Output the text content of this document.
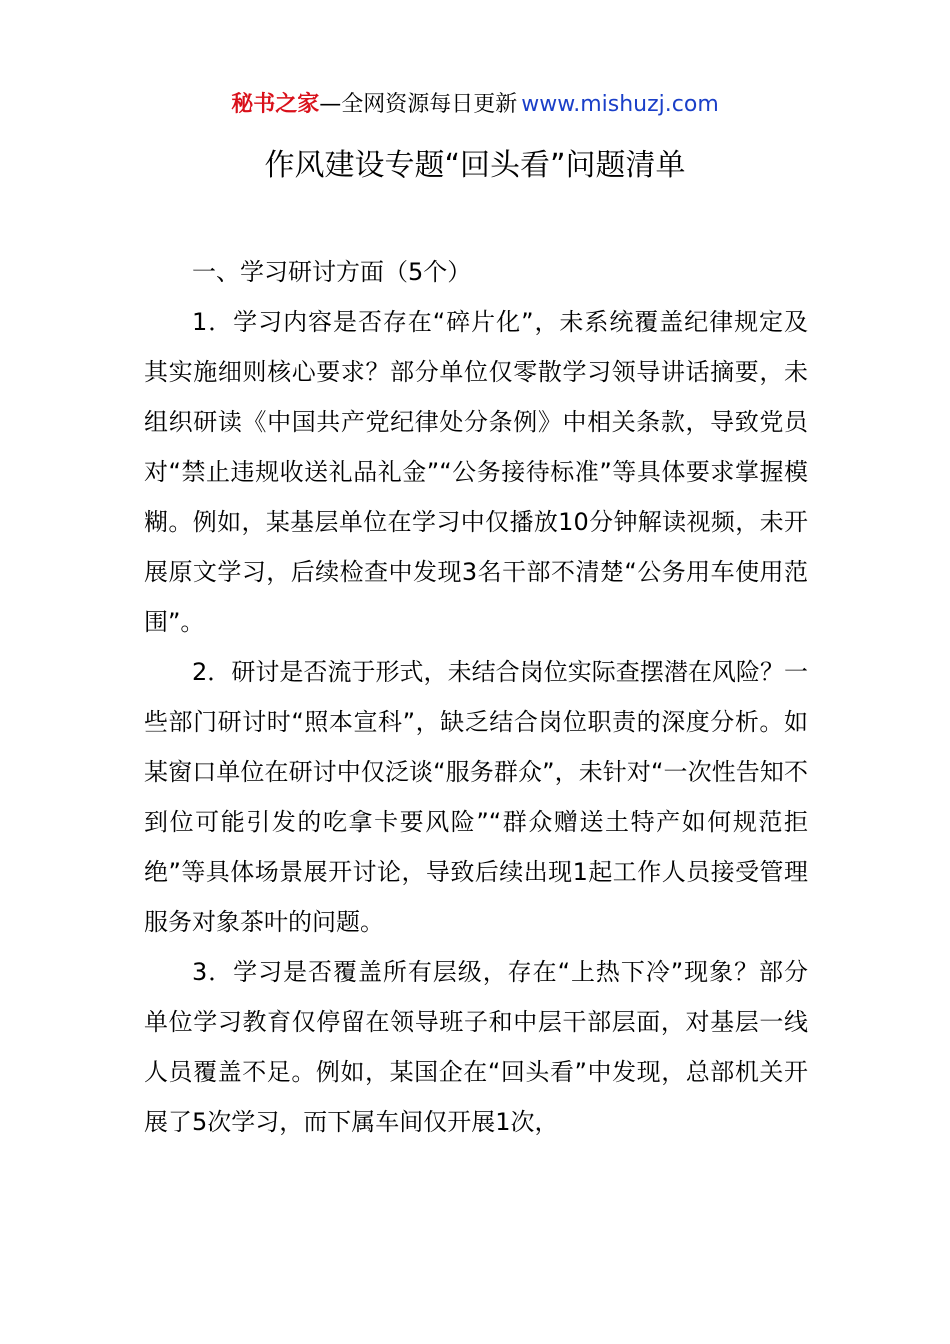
秘书之家—全网资源每日更新 www.mishuzj.com
作风建设专题“回头看”问题清单

一、学习研讨方面（5个）

1．学习内容是否存在“碎片化”，未系统覆盖纪律规定及其实施细则核心要求？部分单位仅零散学习领导讲话摘要，未组织研读《中国共产党纪律处分条例》中相关条款，导致党员对“禁止违规收送礼品礼金”“公务接待标准”等具体要求掌握模糊。例如，某基层单位在学习中仅播放10分钟解读视频，未开展原文学习，后续检查中发现3名干部不清楚“公务用车使用范围”。

2．研讨是否流于形式，未结合岗位实际查摆潜在风险？一些部门研讨时“照本宣科”，缺乏结合岗位职责的深度分析。如某窗口单位在研讨中仅泛谈“服务群众”，未针对“一次性告知不到位可能引发的吃拿卡要风险”“群众赠送土特产如何规范拒绝”等具体场景展开讨论，导致后续出现1起工作人员接受管理服务对象茶叶的问题。

3．学习是否覆盖所有层级，存在“上热下冷”现象？部分单位学习教育仅停留在领导班子和中层干部层面，对基层一线人员覆盖不足。例如，某国企在“回头看”中发现，总部机关开展了5次学习，而下属车间仅开展1次，
